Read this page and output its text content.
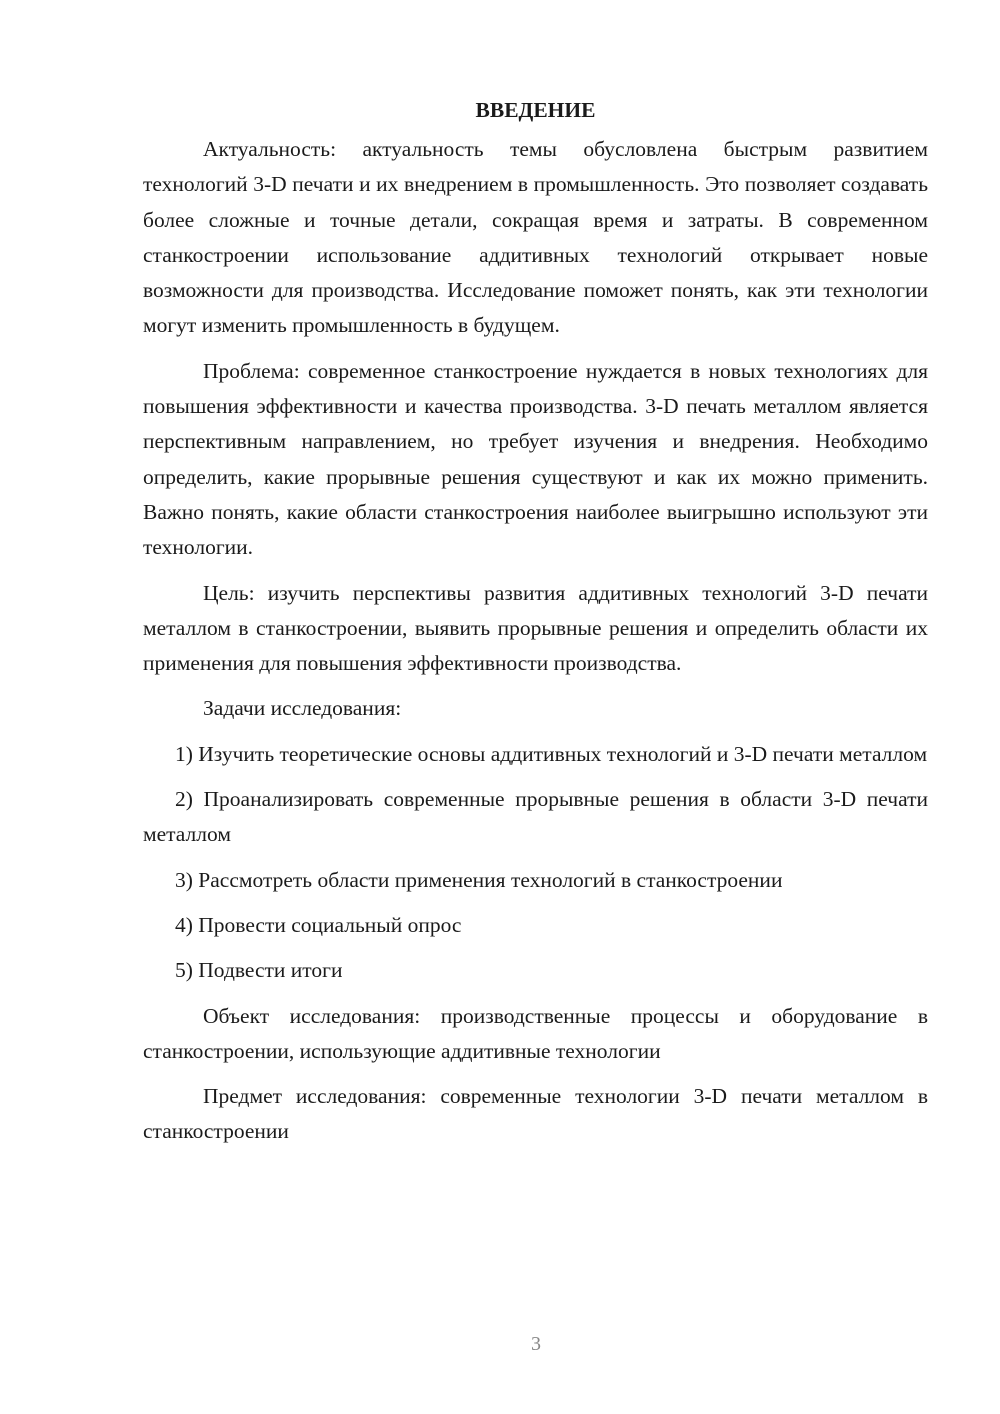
ВВЕДЕНИЕ

Актуальность: актуальность темы обусловлена быстрым развитием технологий 3-D печати и их внедрением в промышленность. Это позволяет создавать более сложные и точные детали, сокращая время и затраты. В современном станкостроении использование аддитивных технологий открывает новые возможности для производства. Исследование поможет понять, как эти технологии могут изменить промышленность в будущем.

Проблема: современное станкостроение нуждается в новых технологиях для повышения эффективности и качества производства. 3-D печать металлом является перспективным направлением, но требует изучения и внедрения. Необходимо определить, какие прорывные решения существуют и как их можно применить. Важно понять, какие области станкостроения наиболее выигрышно используют эти технологии.

Цель: изучить перспективы развития аддитивных технологий 3-D печати металлом в станкостроении, выявить прорывные решения и определить области их применения для повышения эффективности производства.

Задачи исследования:

1) Изучить теоретические основы аддитивных технологий и 3-D печати металлом

2) Проанализировать современные прорывные решения в области 3-D печати металлом

3) Рассмотреть области применения технологий в станкостроении

4) Провести социальный опрос

5) Подвести итоги

Объект исследования: производственные процессы и оборудование в станкостроении, использующие аддитивные технологии

Предмет исследования: современные технологии 3-D печати металлом в станкостроении

3
